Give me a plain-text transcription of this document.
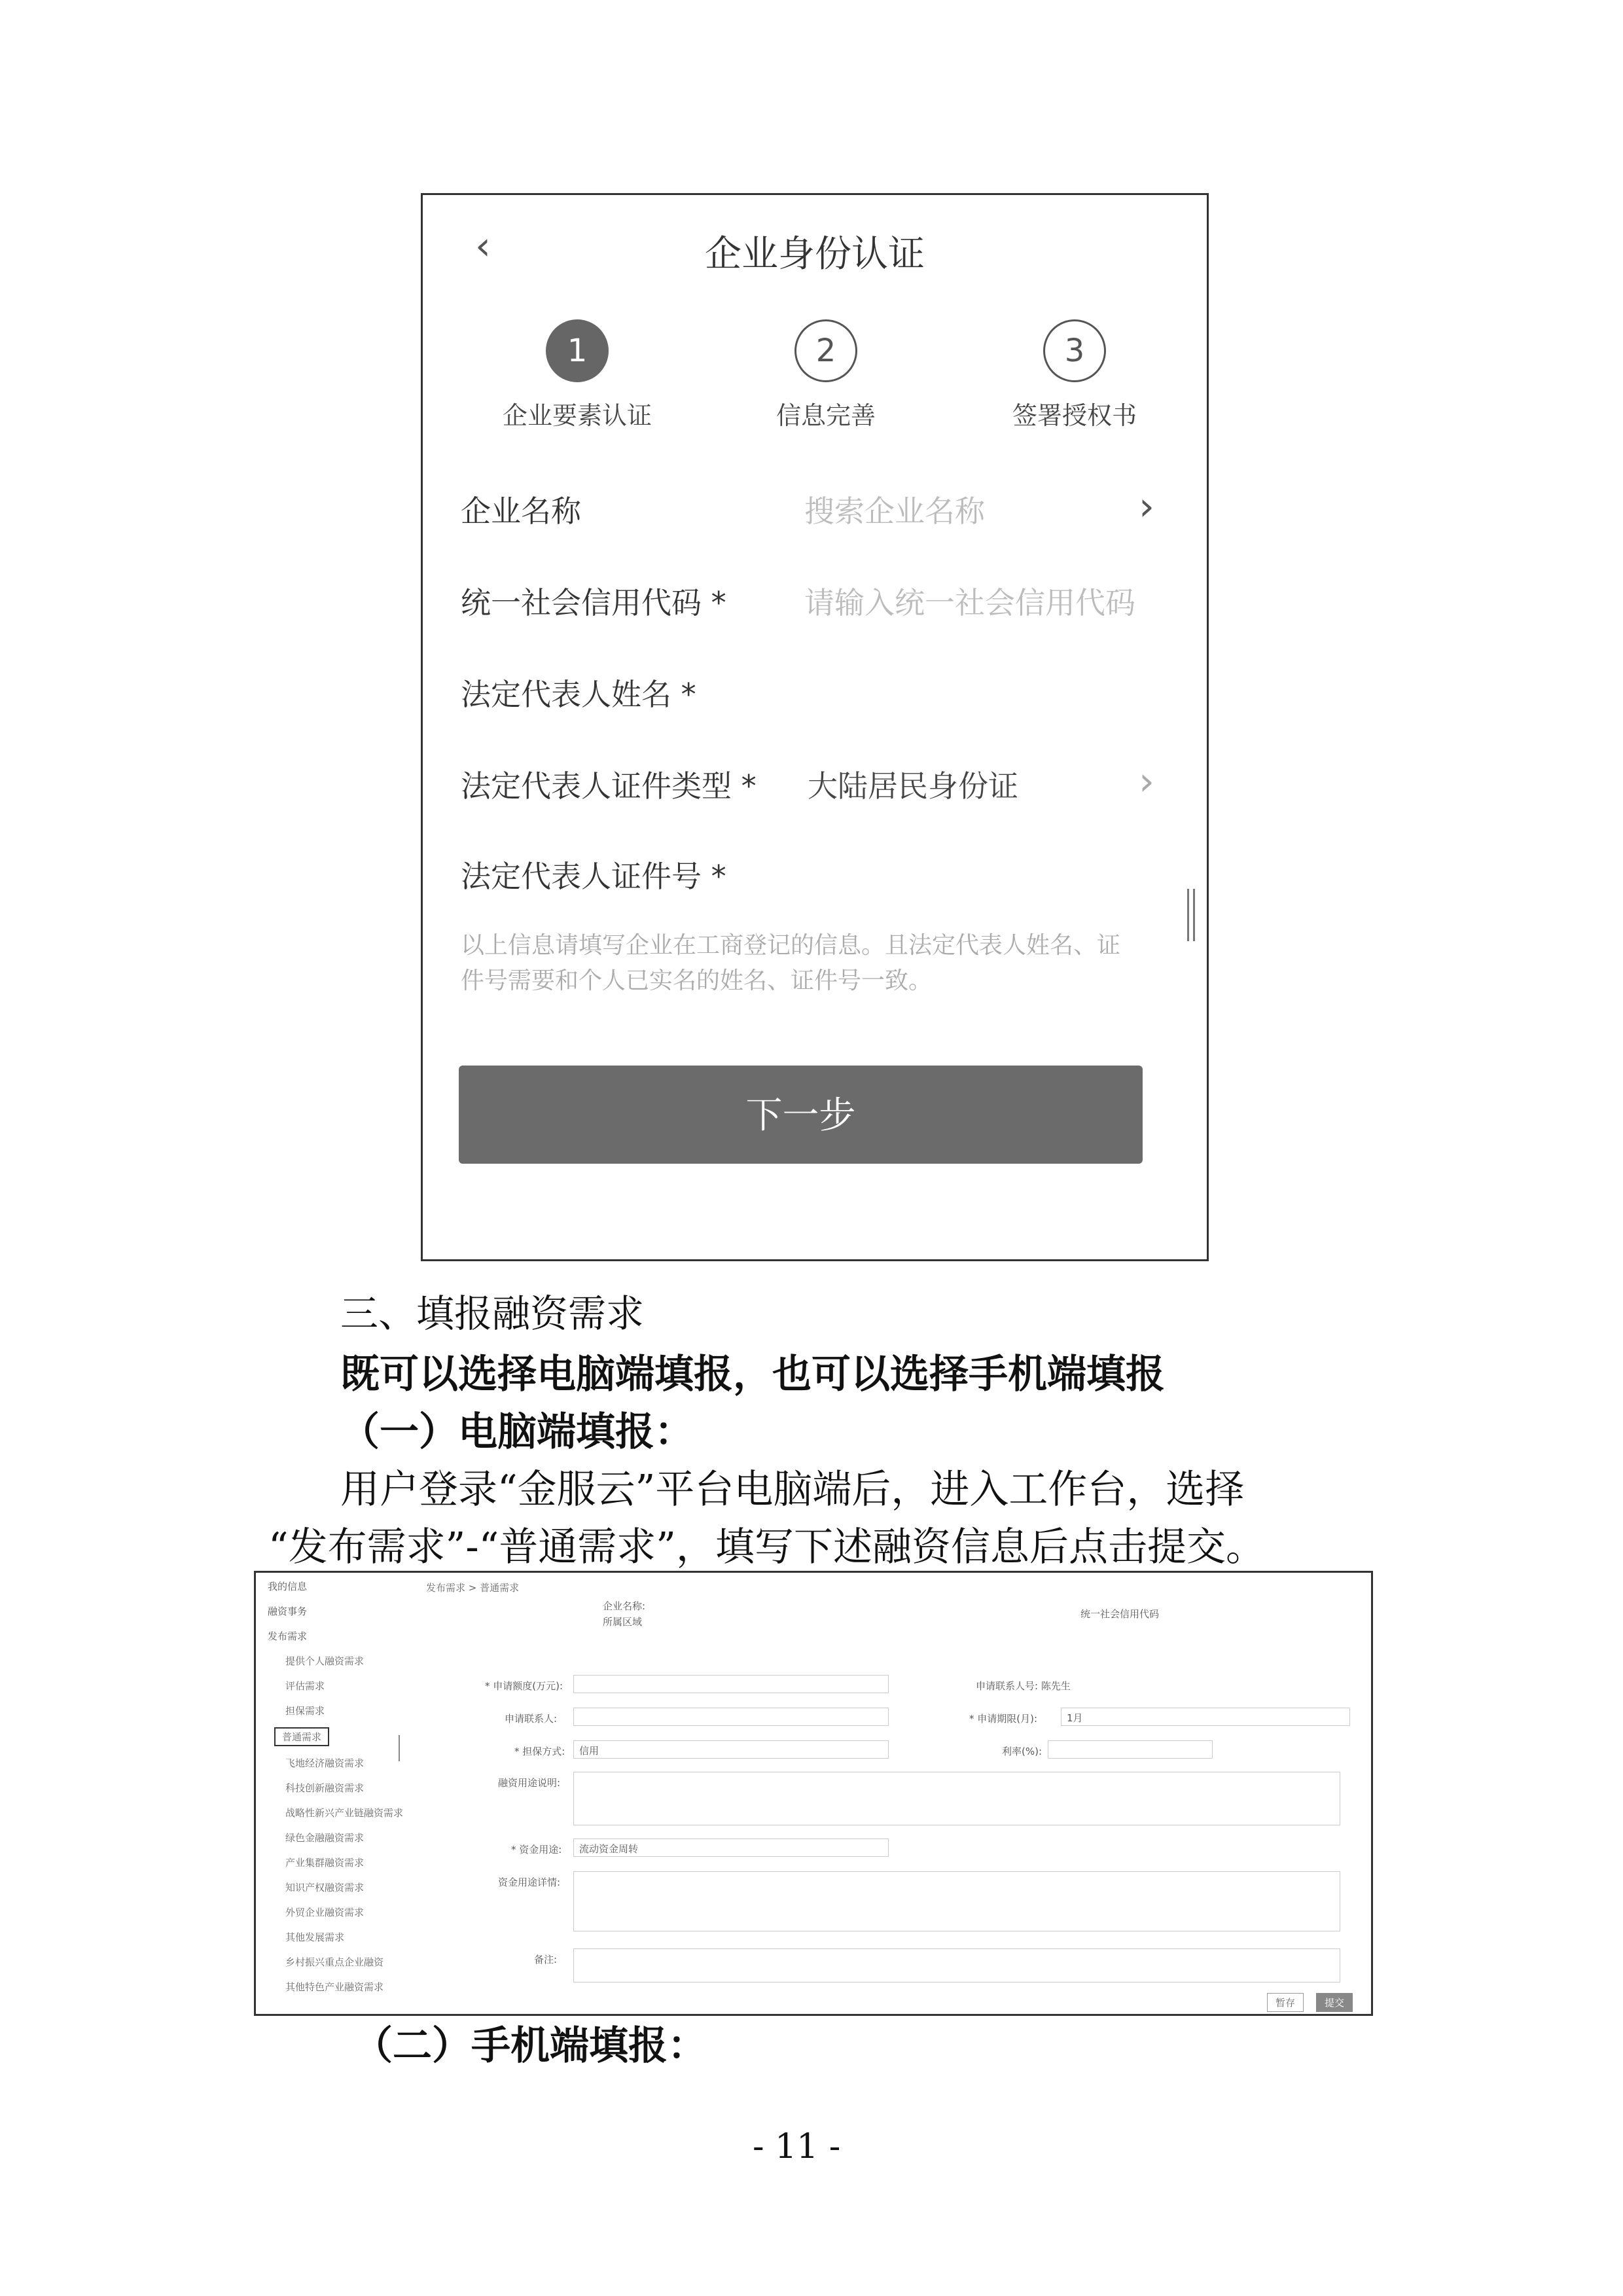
‹	企业身份认证
1
企业要素认证
2
信息完善
3
签署授权书
企业名称	搜索企业名称	›
统一社会信用代码 *	请输入统一社会信用代码
法定代表人姓名 *
法定代表人证件类型 * 大陆居民身份证	›
法定代表人证件号 *
以上信息请填写企业在工商登记的信息。且法定代表人姓名、证
件号需要和个人已实名的姓名、证件号一致。
下一步
三、填报融资需求
既可以选择电脑端填报，也可以选择手机端填报
（一）电脑端填报：
用户登录“金服云”平台电脑端后，进入工作台，选择
“发布需求”-“普通需求”，填写下述融资信息后点击提交。
我的信息
融资事务
发布需求
提供个人融资需求
评估需求
担保需求
普通需求
飞地经济融资需求
科技创新融资需求
战略性新兴产业链融资需求
绿色金融融资需求
产业集群融资需求
知识产权融资需求
外贸企业融资需求
其他发展需求
乡村振兴重点企业融资
其他特色产业融资需求
发布需求 > 普通需求
企业名称:
所属区域
统一社会信用代码
* 申请额度(万元):	申请联系人号: 陈先生
申请联系人:	* 申请期限(月):	1月
* 担保方式: 信用	利率(%):
融资用途说明:
* 资金用途: 流动资金周转
资金用途详情:
备注:
暂存	提交
（二）手机端填报：
- 11 -
